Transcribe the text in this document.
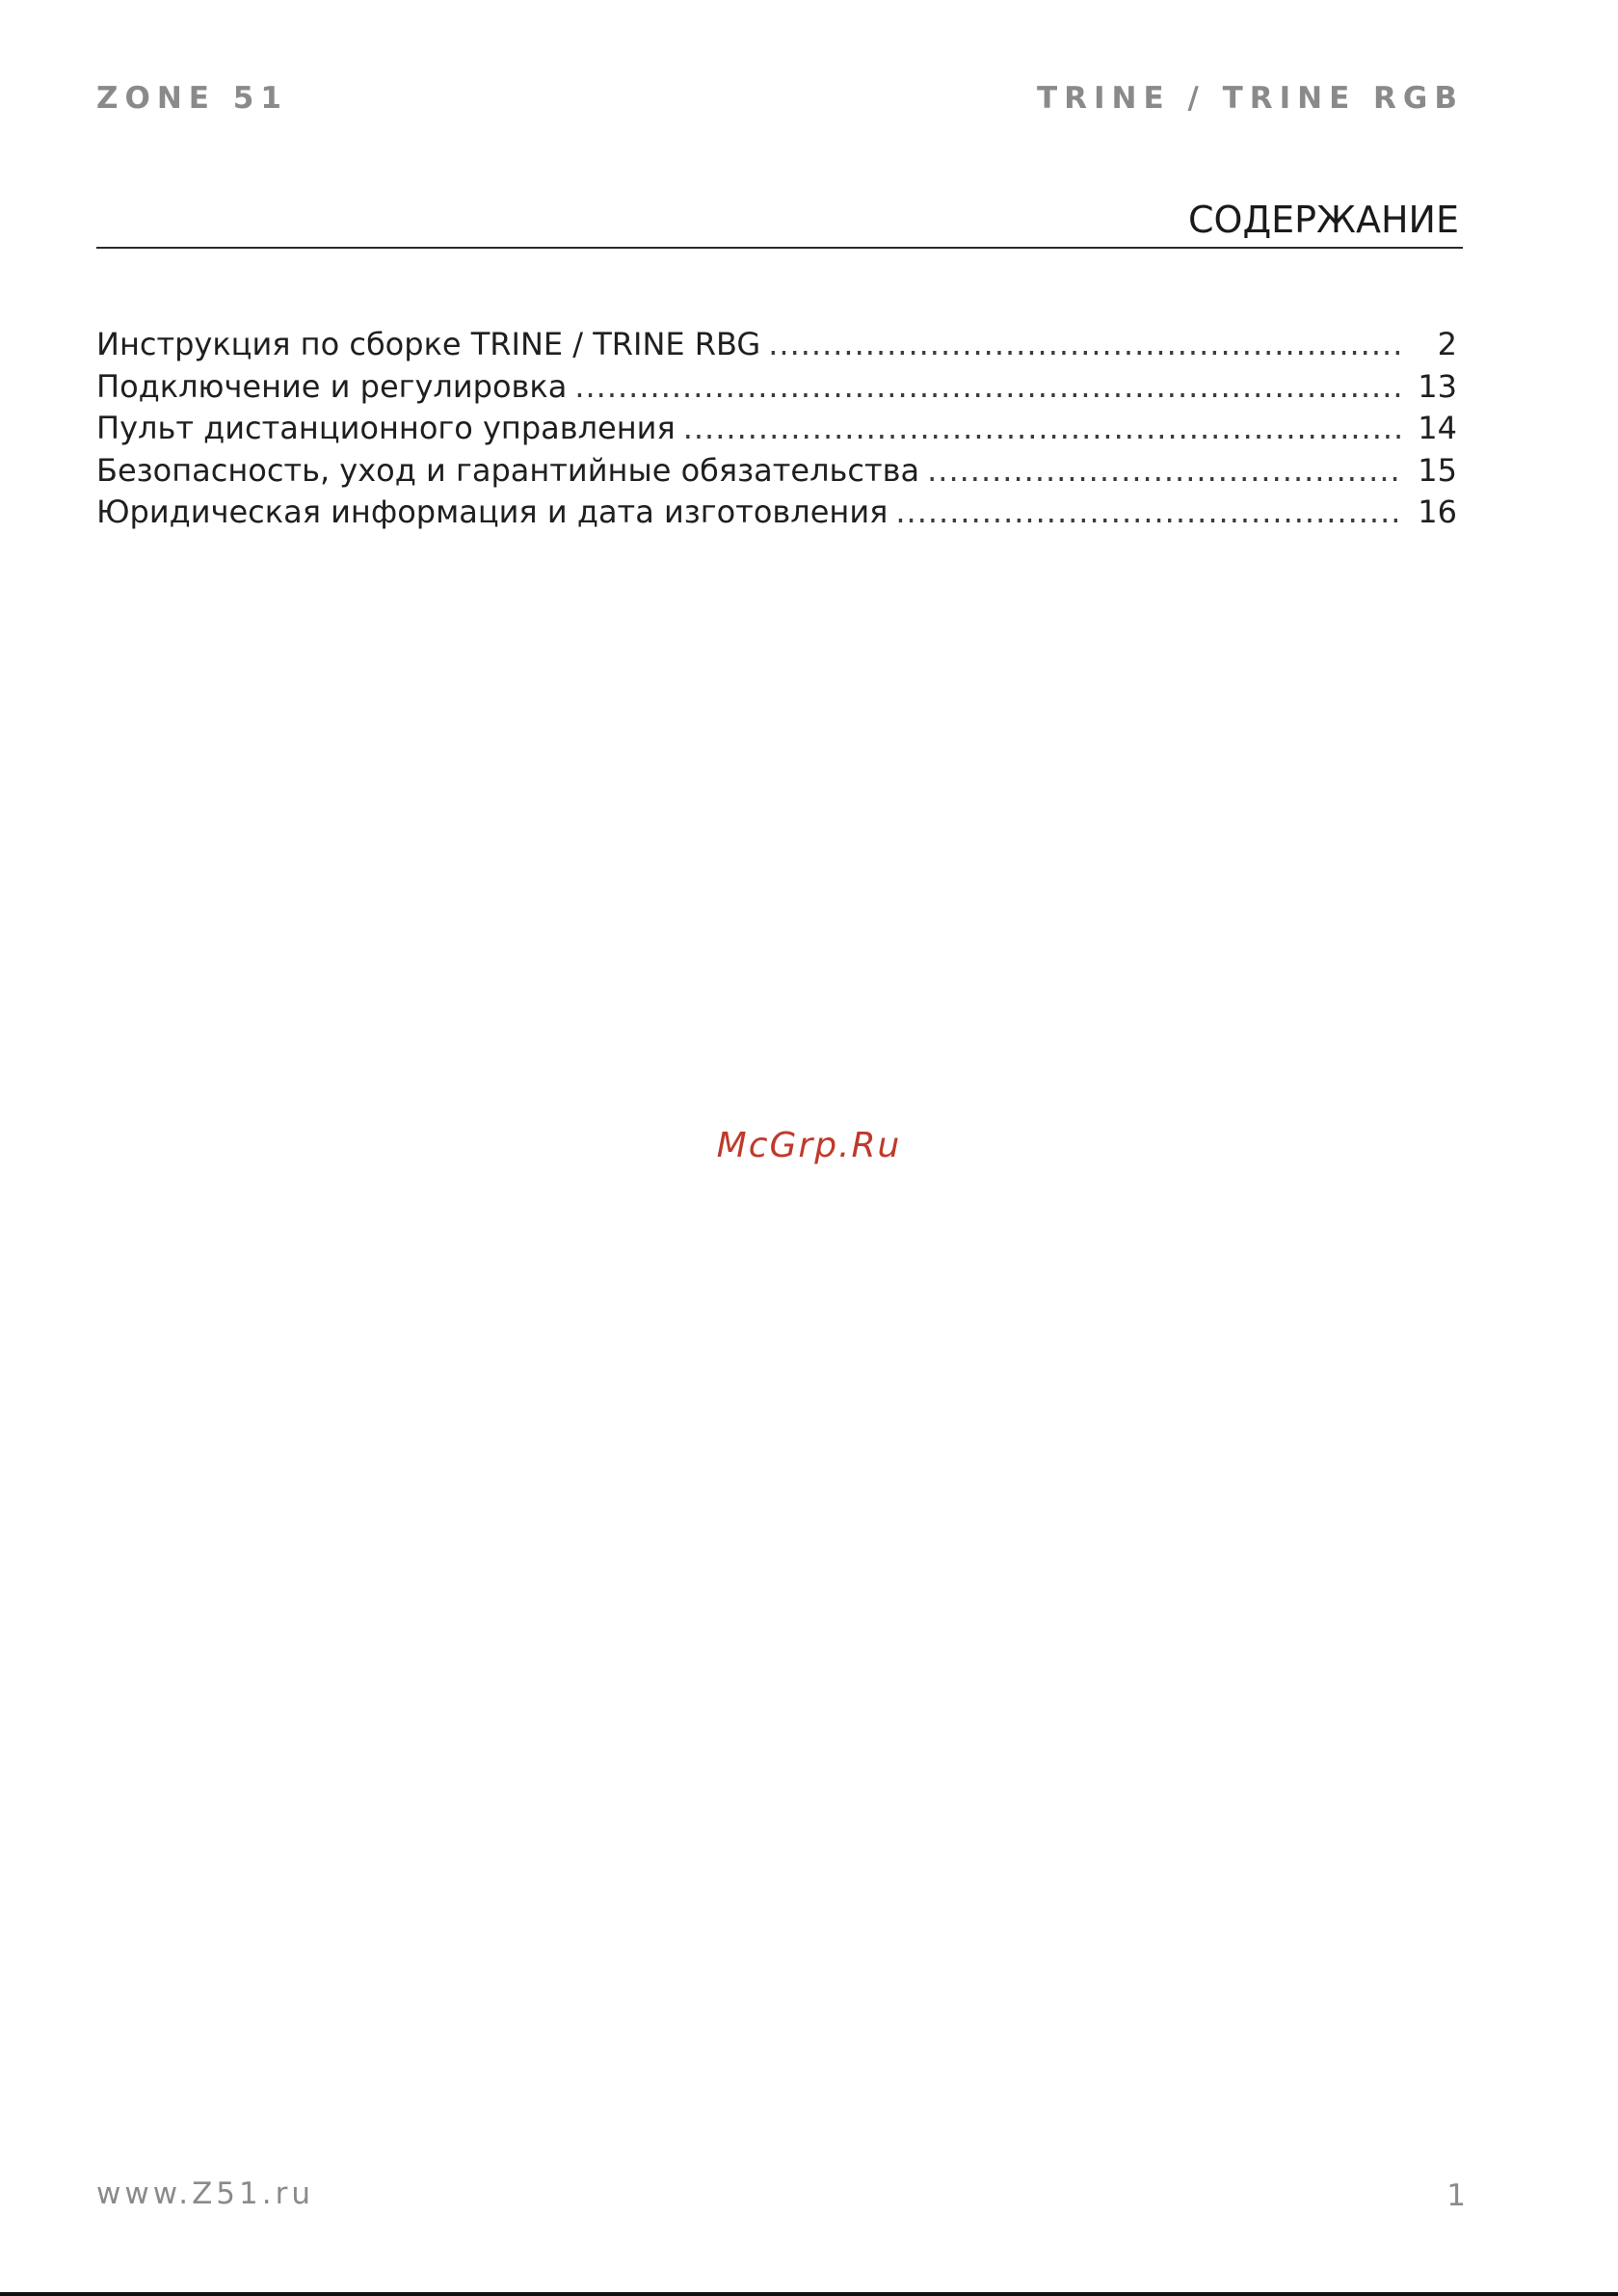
ZONE 51	TRINE / TRINE RGB
СОДЕРЖАНИЕ
Инструкция по сборке TRINE / TRINE RBG .....	2
Подключение и регулировка .....	13
Пульт дистанционного управления .....	14
Безопасность, уход и гарантийные обязательства .....	15
Юридическая информация и дата изготовления .....	16
McGrp.Ru
www.Z51.ru	1
